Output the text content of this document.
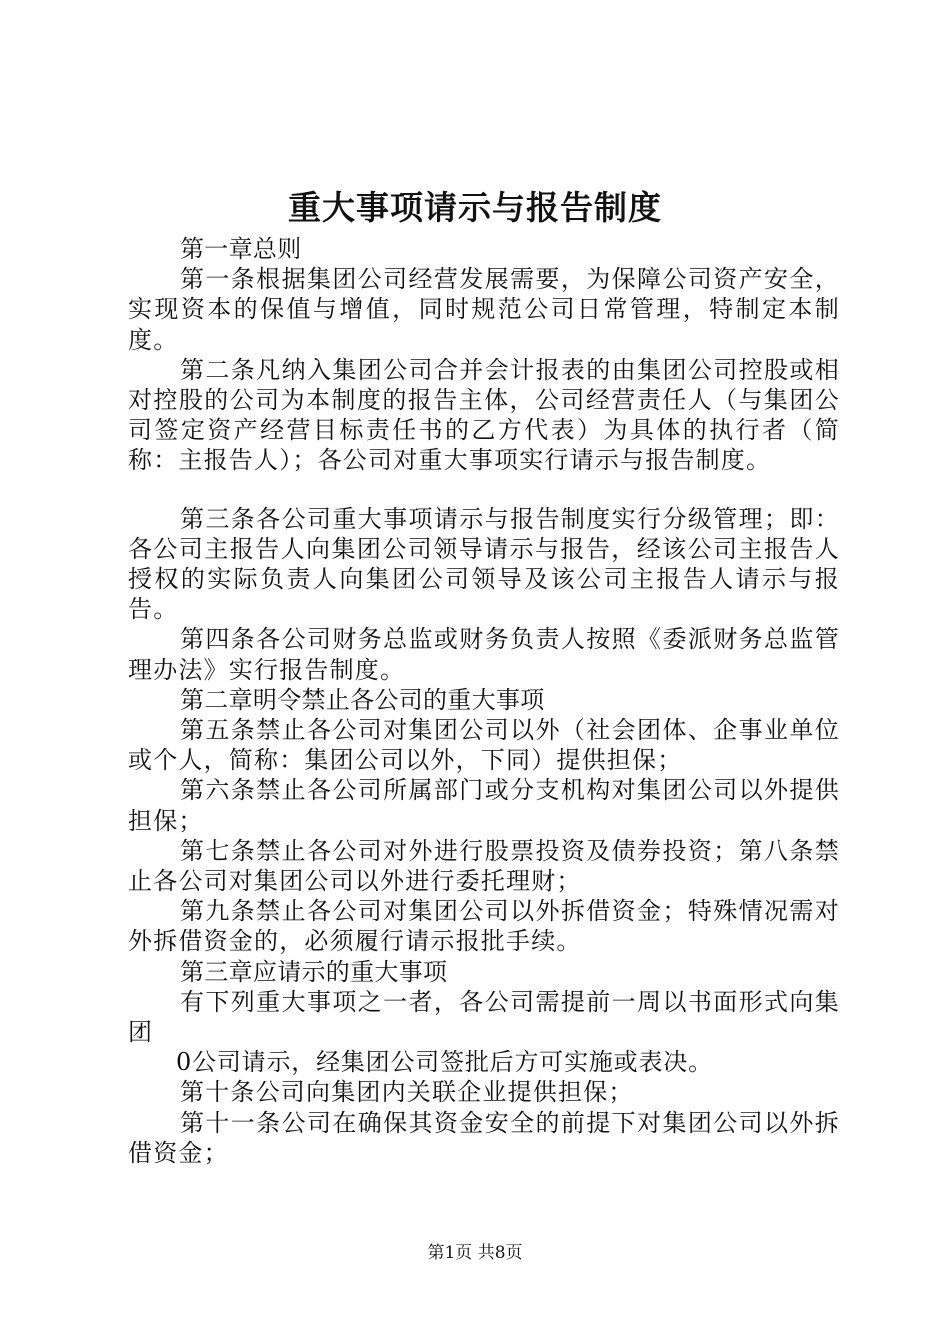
重大事项请示与报告制度

第一章总则

第一条根据集团公司经营发展需要，为保障公司资产安全，实现资本的保值与增值，同时规范公司日常管理，特制定本制度。

第二条凡纳入集团公司合并会计报表的由集团公司控股或相对控股的公司为本制度的报告主体，公司经营责任人（与集团公司签定资产经营目标责任书的乙方代表）为具体的执行者（简称：主报告人）；各公司对重大事项实行请示与报告制度。

第三条各公司重大事项请示与报告制度实行分级管理；即：各公司主报告人向集团公司领导请示与报告，经该公司主报告人授权的实际负责人向集团公司领导及该公司主报告人请示与报告。

第四条各公司财务总监或财务负责人按照《委派财务总监管理办法》实行报告制度。

第二章明令禁止各公司的重大事项

第五条禁止各公司对集团公司以外（社会团体、企事业单位或个人，简称：集团公司以外，下同）提供担保；

第六条禁止各公司所属部门或分支机构对集团公司以外提供担保；

第七条禁止各公司对外进行股票投资及债券投资；第八条禁止各公司对集团公司以外进行委托理财；

第九条禁止各公司对集团公司以外拆借资金；特殊情况需对外拆借资金的，必须履行请示报批手续。

第三章应请示的重大事项

有下列重大事项之一者，各公司需提前一周以书面形式向集团

0公司请示，经集团公司签批后方可实施或表决。

第十条公司向集团内关联企业提供担保；

第十一条公司在确保其资金安全的前提下对集团公司以外拆借资金；

第1页 共8页
